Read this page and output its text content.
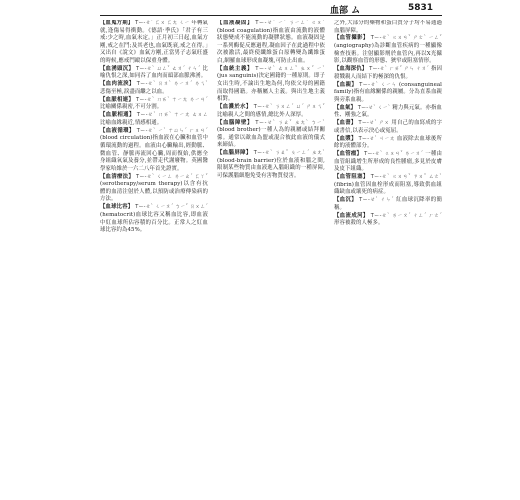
血部 ム	5831

【血蒐方期】 Tー-ㄝˋ ㄈㄨ ㄈㄤ ㄑㄧ 年轉氣就,逢傷易得衝動。《德語·季氏》「君子有三戒:少之時,血氣未定。」正月初三日起,血氣方剛,戒之在鬥;及其老也,血氣既衰,戒之在得。」又出自《說文》血氣方剛,正當男子志氣旺盛的時候,應戒鬥毆以保重身體。

【血湧頭沉】 Tー-ㄝˋ ㄩㄥˇ ㄊㄡˊ ㄔㄣˊ 比喻仇恨之深,如同吞了血肉而頭部血脈沸湧。

【血肉流淚】 Tー-ㄝˋ ㄖㄡˋ ㄌㄧㄡˊ ㄌㄟˋ 悲傷至極,淚盡而繼之以血。

【血脈相連】 Tー-ㄝˋ ㄇㄞˋ ㄒㄧㄤ ㄌㄧㄢˊ 比喻關係親密,不可分割。

【血脈相通】 Tー-ㄝˋ ㄇㄞˋ ㄒㄧㄤ ㄊㄨㄥ 比喻血緣親近,情感相通。

【血液循環】 Tー-ㄝˋ ㄧˋ ㄒㄩㄣˊ ㄏㄨㄢˊ (blood circulation)指血液在心臟和血管中循環流動的過程。血液由心臟輸出,經動脈、微血管、靜脈再流回心臟,周而復始,供應全身組織氧氣及養分,並帶走代謝廢物。英國醫學家哈維於一六二八年首先證實。

【血清療法】 Tー-ㄝˋ ㄑㄧㄥ ㄌㄧㄠˊ ㄈㄚˇ (serotherapy/serum therapy)以含有抗體的血清注射於人體,以預防或治療傳染病的方法。

【血球比容】 Tー-ㄝˋ ㄑㄧㄡˊ ㄅㄧˇ ㄖㄨㄥˊ (hematocrit)血球比容又稱血比容,即血液中紅血球所佔容積的百分比。正常人之紅血球比容約為45%。

【血液凝固】 Tー-ㄝˋ ㄧˋ ㄋㄧㄥˊ ㄍㄨˋ (blood coagulation)指血液由流動的液體狀態變成不能流動的凝膠狀態。血液凝固是一系列酶促反應過程,凝血因子在此過程中依次被激活,最終使纖維蛋白原轉變為纖維蛋白,網羅血球形成血凝塊,可防止出血。

【血統主義】 Tー-ㄝˋ ㄊㄨㄥˇ ㄓㄨˇ ㄧˋ (jus sanguinis)決定國籍的一種原則。即子女出生時,不論出生地為何,均依父母的國籍而取得國籍。亦稱屬人主義。與出生地主義相對。

【血濃於水】 Tー-ㄝˋ ㄋㄨㄥˊ ㄩˊ ㄕㄨㄟˇ 比喻親人之間的感情,總比外人深厚。

【血腦障壁】 Tー-ㄝˋ ㄋㄠˇ ㄓㄤˋ ㄅㄧˋ (blood brother)一種人為的親屬或結拜關係。通常以歃血為盟或混合彼此血液的儀式來締結。

【血腦屏障】 Tー-ㄝˋ ㄋㄠˇ ㄆㄧㄥˊ ㄓㄤˋ (blood-brain barrier)位於血液和腦之間,限制某些物質由血液進入腦組織的一種屏障,可保護腦細胞免受有害物質侵害。

之外,大部分的藥物和蛋白質分子均不易通過血腦屏障。

【血管攝影】 Tー-ㄝˋ ㄍㄨㄢˇ ㄕㄜˋ ㄧㄥˇ (angiography)為診斷血管疾病的一種顯像檢查技術。注射顯影劑於血管內,再以X光攝影,以觀察血管的形態、狹窄或阻塞情形。

【血海深仇】 Tー-ㄝˋ ㄏㄞˇ ㄕㄣ ㄔㄡˊ 指因殺戮親人而結下的極深的仇恨。

【血親】 Tー-ㄝˋ ㄑㄧㄣ (consanguineal family)指有血緣關係的親屬。分為直系血親與旁系血親。

【血氣】 Tー-ㄝˋ ㄑㄧˋ 精力與元氣。亦指血性、剛強之氣。

【血書】 Tー-ㄝˋ ㄕㄨ 用自己的血寫成的字或書信,以表示決心或冤屈。

【血漿】 Tー-ㄝˋ ㄐㄧㄤ 血液除去血球後所餘的液體部分。

【血管瘤】 Tー-ㄝˋ ㄍㄨㄢˇ ㄌㄧㄡˊ 一種由血管組織增生所形成的良性腫瘤,多見於皮膚及皮下組織。

【血管阻塞】 Tー-ㄝˋ ㄍㄨㄢˇ ㄗㄨˇ ㄙㄜˋ (fibrin)血管因血栓形成而阻塞,導致供血組織缺血或壞死的病症。

【血沉】 Tー-ㄝˋ ㄔㄣˊ 紅血球沉降率的簡稱。

【血流成河】 Tー-ㄝˋ ㄌㄧㄡˊ ㄔㄥˊ ㄏㄜˊ 形容被殺的人極多。
